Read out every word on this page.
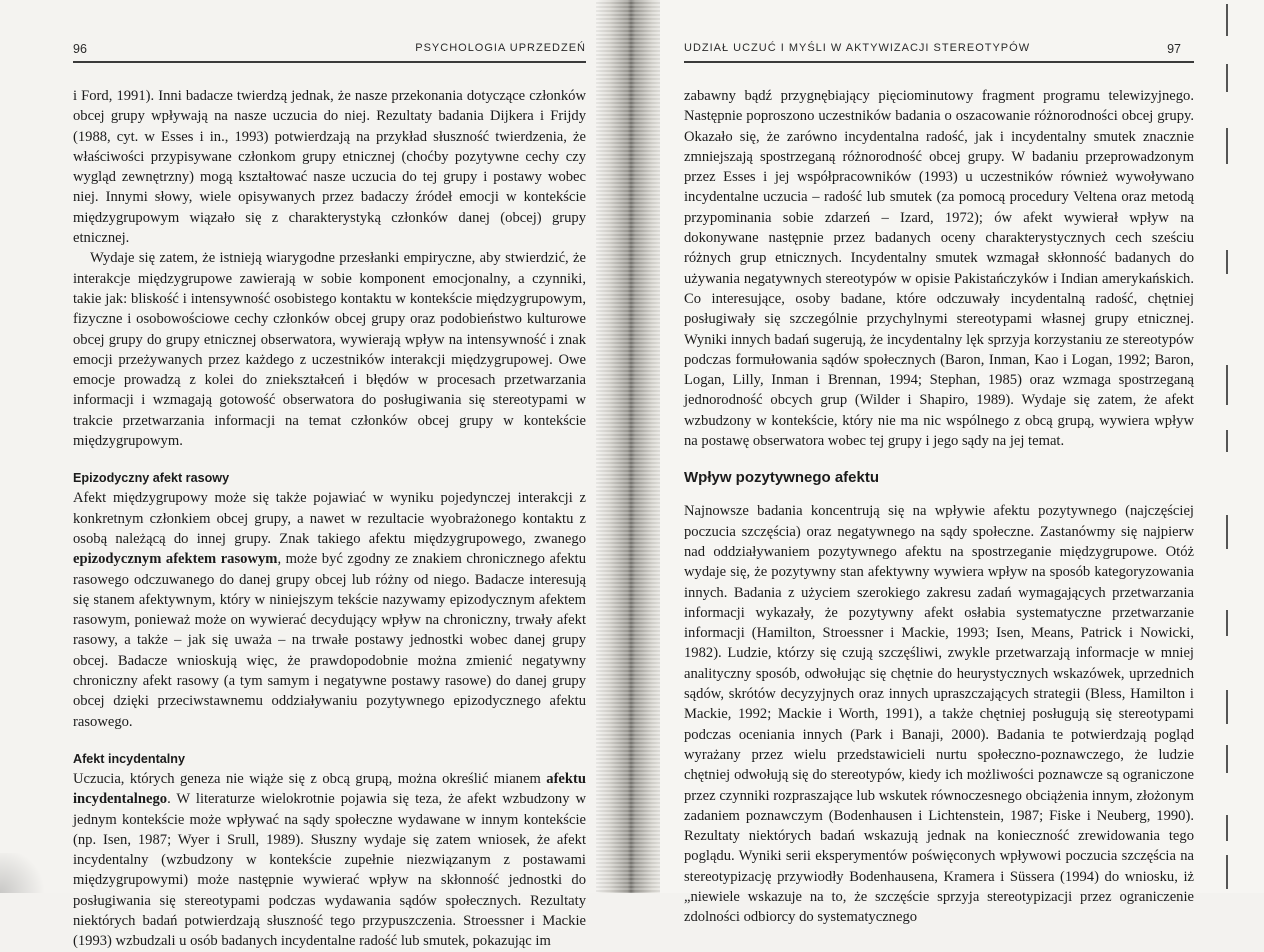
96	PSYCHOLOGIA UPRZEDZEŃ

i Ford, 1991). Inni badacze twierdzą jednak, że nasze przekonania dotyczące członków obcej grupy wpływają na nasze uczucia do niej. Rezultaty badania Dijkera i Frijdy (1988, cyt. w Esses i in., 1993) potwierdzają na przykład słuszność twierdzenia, że właściwości przypisywane członkom grupy etnicznej (choćby pozytywne cechy czy wygląd zewnętrzny) mogą kształtować nasze uczucia do tej grupy i postawy wobec niej. Innymi słowy, wiele opisywanych przez badaczy źródeł emocji w kontekście międzygrupowym wiązało się z charakterystyką członków danej (obcej) grupy etnicznej.

Wydaje się zatem, że istnieją wiarygodne przesłanki empiryczne, aby stwierdzić, że interakcje międzygrupowe zawierają w sobie komponent emocjonalny, a czynniki, takie jak: bliskość i intensywność osobistego kontaktu w kontekście międzygrupowym, fizyczne i osobowościowe cechy członków obcej grupy oraz podobieństwo kulturowe obcej grupy do grupy etnicznej obserwatora, wywierają wpływ na intensywność i znak emocji przeżywanych przez każdego z uczestników interakcji międzygrupowej. Owe emocje prowadzą z kolei do zniekształceń i błędów w procesach przetwarzania informacji i wzmagają gotowość obserwatora do posługiwania się stereotypami w trakcie przetwarzania informacji na temat członków obcej grupy w kontekście międzygrupowym.

Epizodyczny afekt rasowy

Afekt międzygrupowy może się także pojawiać w wyniku pojedynczej interakcji z konkretnym członkiem obcej grupy, a nawet w rezultacie wyobrażonego kontaktu z osobą należącą do innej grupy. Znak takiego afektu międzygrupowego, zwanego epizodycznym afektem rasowym, może być zgodny ze znakiem chronicznego afektu rasowego odczuwanego do danej grupy obcej lub różny od niego. Badacze interesują się stanem afektywnym, który w niniejszym tekście nazywamy epizodycznym afektem rasowym, ponieważ może on wywierać decydujący wpływ na chroniczny, trwały afekt rasowy, a także – jak się uważa – na trwałe postawy jednostki wobec danej grupy obcej. Badacze wnioskują więc, że prawdopodobnie można zmienić negatywny chroniczny afekt rasowy (a tym samym i negatywne postawy rasowe) do danej grupy obcej dzięki przeciwstawnemu oddziaływaniu pozytywnego epizodycznego afektu rasowego.

Afekt incydentalny

Uczucia, których geneza nie wiąże się z obcą grupą, można określić mianem afektu incydentalnego. W literaturze wielokrotnie pojawia się teza, że afekt wzbudzony w jednym kontekście może wpływać na sądy społeczne wydawane w innym kontekście (np. Isen, 1987; Wyer i Srull, 1989). Słuszny wydaje się zatem wniosek, że afekt incydentalny (wzbudzony w kontekście zupełnie niezwiązanym z postawami międzygrupowymi) może następnie wywierać wpływ na skłonność jednostki do posługiwania się stereotypami podczas wydawania sądów społecznych. Rezultaty niektórych badań potwierdzają słuszność tego przypuszczenia. Stroessner i Mackie (1993) wzbudzali u osób badanych incydentalne radość lub smutek, pokazując im

UDZIAŁ UCZUĆ I MYŚLI W AKTYWIZACJI STEREOTYPÓW	97

zabawny bądź przygnębiający pięciominutowy fragment programu telewizyjnego. Następnie poproszono uczestników badania o oszacowanie różnorodności obcej grupy. Okazało się, że zarówno incydentalna radość, jak i incydentalny smutek znacznie zmniejszają spostrzeganą różnorodność obcej grupy. W badaniu przeprowadzonym przez Esses i jej współpracowników (1993) u uczestników również wywoływano incydentalne uczucia – radość lub smutek (za pomocą procedury Veltena oraz metodą przypominania sobie zdarzeń – Izard, 1972); ów afekt wywierał wpływ na dokonywane następnie przez badanych oceny charakterystycznych cech sześciu różnych grup etnicznych. Incydentalny smutek wzmagał skłonność badanych do używania negatywnych stereotypów w opisie Pakistańczyków i Indian amerykańskich. Co interesujące, osoby badane, które odczuwały incydentalną radość, chętniej posługiwały się szczególnie przychylnymi stereotypami własnej grupy etnicznej. Wyniki innych badań sugerują, że incydentalny lęk sprzyja korzystaniu ze stereotypów podczas formułowania sądów społecznych (Baron, Inman, Kao i Logan, 1992; Baron, Logan, Lilly, Inman i Brennan, 1994; Stephan, 1985) oraz wzmaga spostrzeganą jednorodność obcych grup (Wilder i Shapiro, 1989). Wydaje się zatem, że afekt wzbudzony w kontekście, który nie ma nic wspólnego z obcą grupą, wywiera wpływ na postawę obserwatora wobec tej grupy i jego sądy na jej temat.

Wpływ pozytywnego afektu

Najnowsze badania koncentrują się na wpływie afektu pozytywnego (najczęściej poczucia szczęścia) oraz negatywnego na sądy społeczne. Zastanówmy się najpierw nad oddziaływaniem pozytywnego afektu na spostrzeganie międzygrupowe. Otóż wydaje się, że pozytywny stan afektywny wywiera wpływ na sposób kategoryzowania innych. Badania z użyciem szerokiego zakresu zadań wymagających przetwarzania informacji wykazały, że pozytywny afekt osłabia systematyczne przetwarzanie informacji (Hamilton, Stroessner i Mackie, 1993; Isen, Means, Patrick i Nowicki, 1982). Ludzie, którzy się czują szczęśliwi, zwykle przetwarzają informacje w mniej analityczny sposób, odwołując się chętnie do heurystycznych wskazówek, uprzednich sądów, skrótów decyzyjnych oraz innych upraszczających strategii (Bless, Hamilton i Mackie, 1992; Mackie i Worth, 1991), a także chętniej posługują się stereotypami podczas oceniania innych (Park i Banaji, 2000). Badania te potwierdzają pogląd wyrażany przez wielu przedstawicieli nurtu społeczno-poznawczego, że ludzie chętniej odwołują się do stereotypów, kiedy ich możliwości poznawcze są ograniczone przez czynniki rozpraszające lub wskutek równoczesnego obciążenia innym, złożonym zadaniem poznawczym (Bodenhausen i Lichtenstein, 1987; Fiske i Neuberg, 1990). Rezultaty niektórych badań wskazują jednak na konieczność zrewidowania tego poglądu. Wyniki serii eksperymentów poświęconych wpływowi poczucia szczęścia na stereotypizację przywiodły Bodenhausena, Kramera i Süssera (1994) do wniosku, iż „niewiele wskazuje na to, że szczęście sprzyja stereotypizacji przez ograniczenie zdolności odbiorcy do systematycznego
